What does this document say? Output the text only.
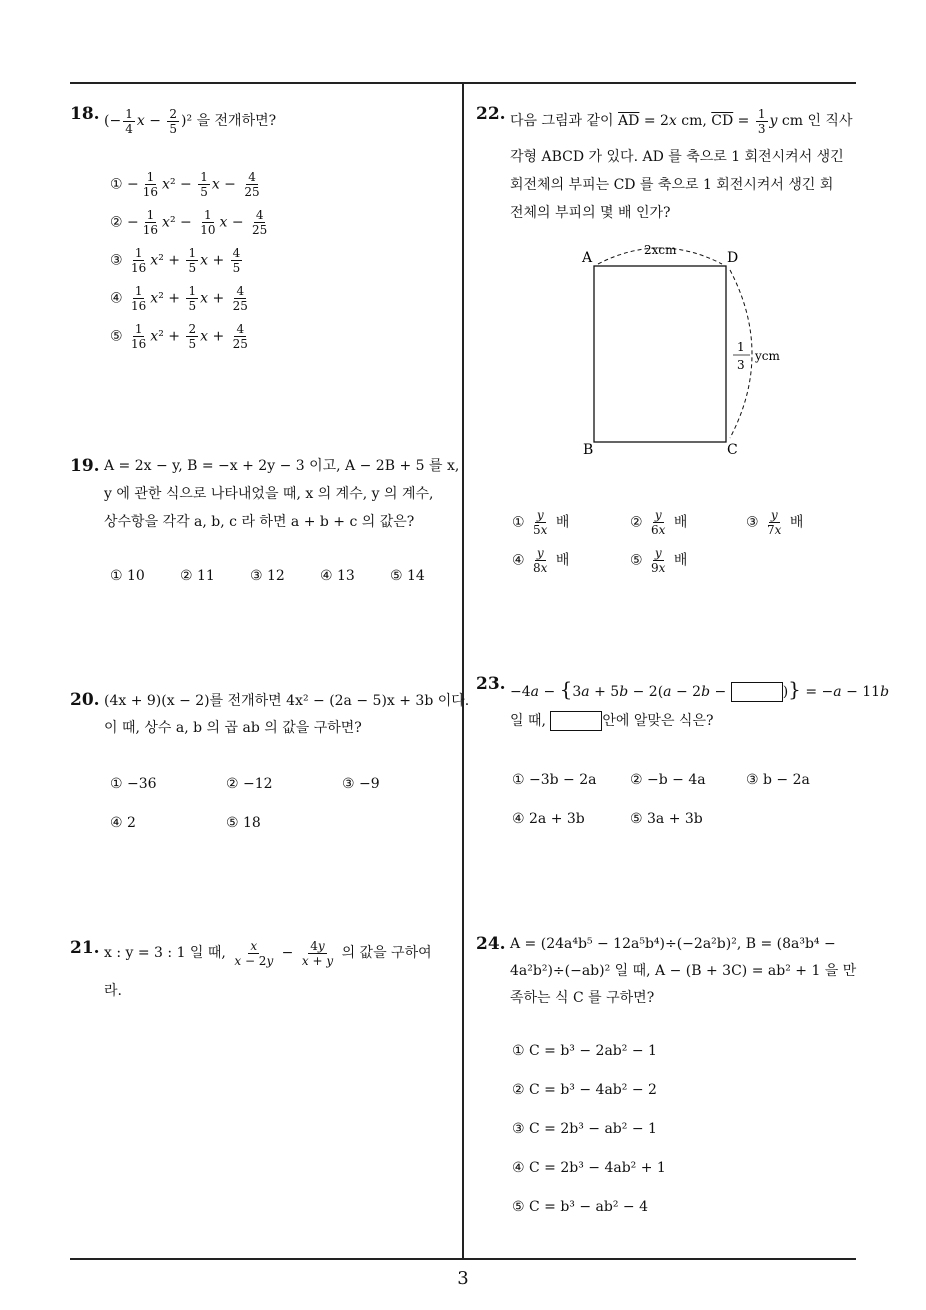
18. (− $\frac{1}{4}$ $x - \frac{2}{5} )^2$ 을 전개하면?
① − $\frac{1}{16} x^2 - \frac{1}{5}$ $x - \frac{4}{25}$
② − $\frac{1}{16} x^2 - \frac{1}{10}$ $x - \frac{4}{25}$
③ $\frac{1}{16} x^2 + \frac{1}{5}$ $x + \frac{4}{5}$
④ $\frac{1}{16} x^2 + \frac{1}{5}$ $x + \frac{4}{25}$
⑤ $\frac{1}{16} x^2 + \frac{2}{5}$ $x + \frac{4}{25}$
19. A = 2x − y, B = −x + 2y − 3 이고, A − 2B + 5 를 x,
y 에 관한 식으로 나타내었을 때, x 의 계수, y 의 계수,
상수항을 각각 a, b, c 라 하면 a + b + c 의 값은?
① 10	② 11	③ 12	④ 13	⑤ 14
20. (4x + 9)(x − 2)를 전개하면 4x² − (2a − 5)x + 3b 이다.
이 때, 상수 a, b 의 곱 ab 의 값을 구하면?
① −36	② −12	③ −9
④ 2	⑤ 18
21. x : y = 3 : 1 일 때, $\frac{x}{x - 2y} - \frac{4y}{x + y}$ 의 값을 구하여
라.
22. 다음 그림과 같이 $\overline{AD} = 2x$ cm, $\overline{CD} = \frac{1}{3}$ y cm 인 직사
각형 ABCD 가 있다. AD 를 축으로 1 회전시켜서 생긴
회전체의 부피는 CD 를 축으로 1 회전시켜서 생긴 회
전체의 부피의 몇 배 인가?
A	D
B	C
2xcm
1
3
ycm
① $\frac{y}{5x}$ 배	② $\frac{y}{6x}$ 배	③ $\frac{y}{7x}$ 배
④ $\frac{y}{8x}$ 배	⑤ $\frac{y}{9x}$ 배
23. −4a − {3a + 5b − 2(a − 2b −	)} = −a − 11b
일 때,	안에 알맞은 식은?
① −3b − 2a ② −b − 4a	③ b − 2a
④ 2a + 3b	⑤ 3a + 3b
24. A = (24a⁴b⁵ − 12a⁵b⁴)÷(−2a²b)², B = (8a³b⁴ −
4a²b²)÷(−ab)² 일 때, A − (B + 3C) = ab² + 1 을 만
족하는 식 C 를 구하면?
① C = b³ − 2ab² − 1
② C = b³ − 4ab² − 2
③ C = 2b³ − ab² − 1
④ C = 2b³ − 4ab² + 1
⑤ C = b³ − ab² − 4
3
